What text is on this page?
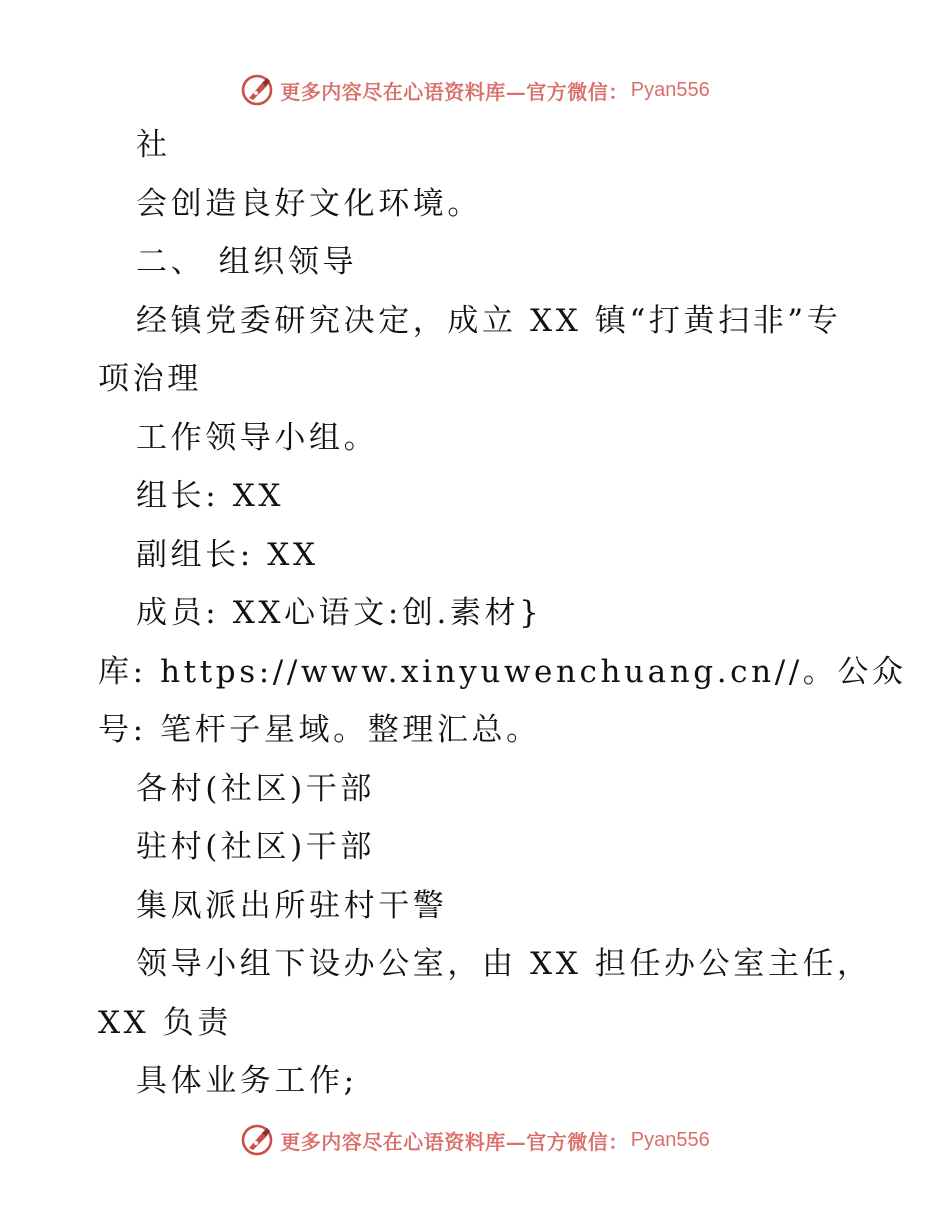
更多内容尽在心语资料库—官方微信： Pyan556
社
会创造良好文化环境。
二、 组织领导
经镇党委研究决定，成立 XX 镇“打黄扫非”专
项治理
工作领导小组。
组长: XX
副组长: XX
成员: XX心语文:创.素材}
库: https://www.xinyuwenchuang.cn//。公众
号: 笔杆子星域。整理汇总。
各村(社区)干部
驻村(社区)干部
集凤派出所驻村干警
领导小组下设办公室，由 XX 担任办公室主任，
XX 负责
具体业务工作;
更多内容尽在心语资料库—官方微信： Pyan556
